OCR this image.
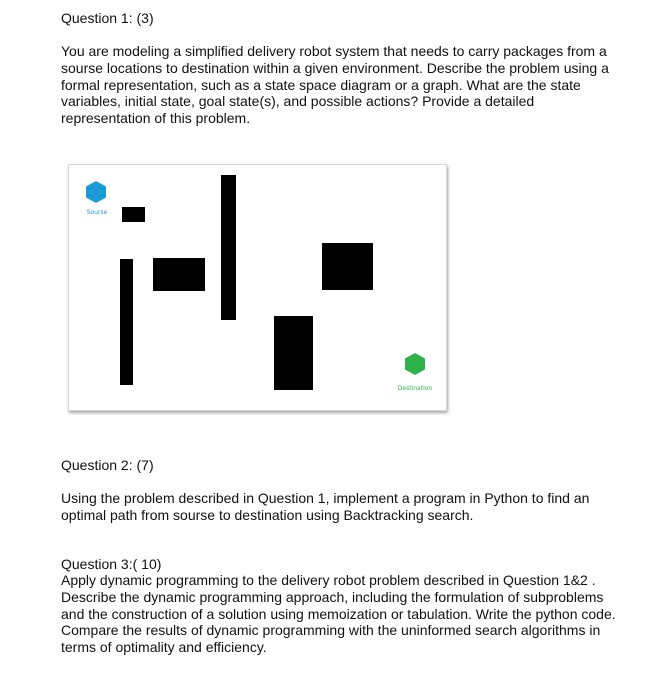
Question 1: (3)

You are modeling a simplified delivery robot system that needs to carry packages from a sourse locations to destination within a given environment. Describe the problem using a formal representation, such as a state space diagram or a graph. What are the state variables, initial state, goal state(s), and possible actions? Provide a detailed representation of this problem.

Sourse
Destination

Question 2: (7)

Using the problem described in Question 1, implement a program in Python to find an optimal path from sourse to destination using Backtracking search.

Question 3:( 10)

Apply dynamic programming to the delivery robot problem described in Question 1&2 . Describe the dynamic programming approach, including the formulation of subproblems and the construction of a solution using memoization or tabulation. Write the python code. Compare the results of dynamic programming with the uninformed search algorithms in terms of optimality and efficiency.
